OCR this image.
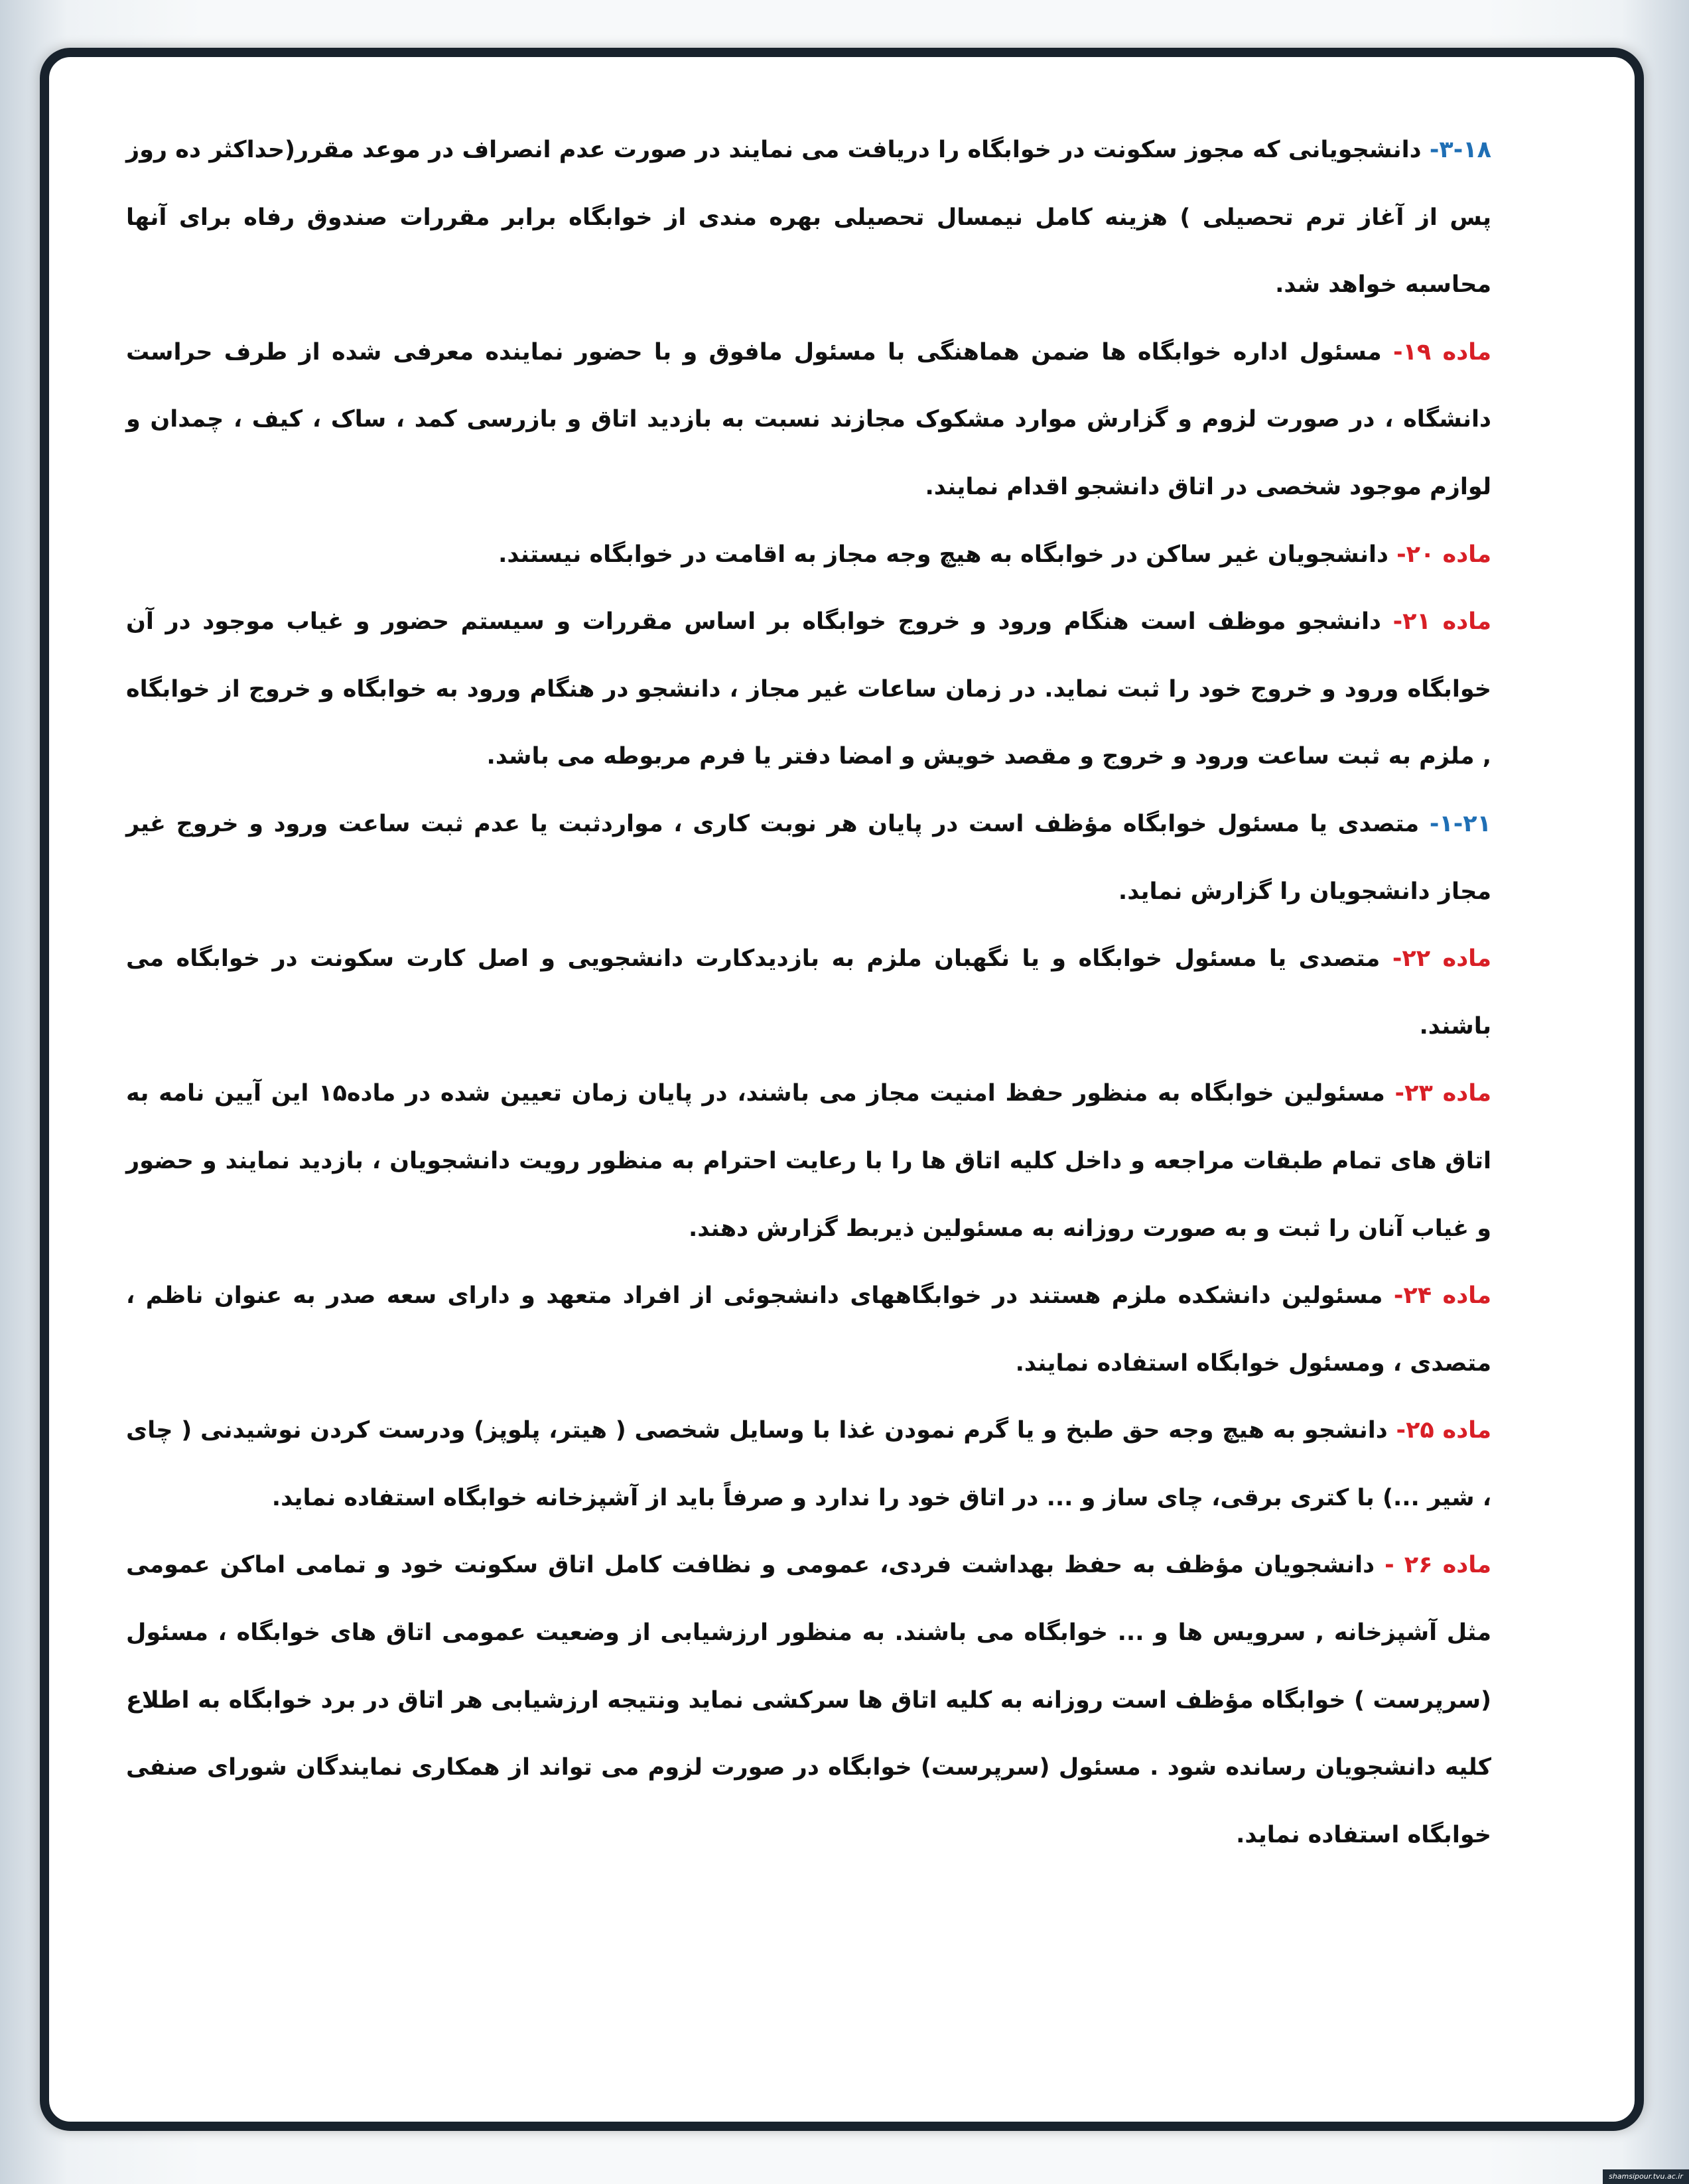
۳-۱۸- دانشجویانی که مجوز سکونت در خوابگاه را دریافت می نمایند در صورت عدم انصراف در موعد مقرر(حداکثر ده روز پس از آغاز ترم تحصیلی ) هزینه کامل نیمسال تحصیلی بهره مندی از خوابگاه برابر مقررات صندوق رفاه برای آنها محاسبه خواهد شد.

ماده ۱۹- مسئول اداره خوابگاه ها ضمن هماهنگی با مسئول مافوق و با حضور نماینده معرفی شده از طرف حراست دانشگاه ، در صورت لزوم و گزارش موارد مشکوک مجازند نسبت به بازدید اتاق و بازرسی کمد ، ساک ، کیف ، چمدان و لوازم موجود شخصی در اتاق دانشجو اقدام نمایند.

ماده ۲۰- دانشجویان غیر ساکن در خوابگاه به هیچ وجه مجاز به اقامت در خوابگاه نیستند.

ماده ۲۱- دانشجو موظف است هنگام ورود و خروج خوابگاه بر اساس مقررات و سیستم حضور و غیاب موجود در آن خوابگاه ورود و خروج خود را ثبت نماید. در زمان ساعات غیر مجاز ، دانشجو در هنگام ورود به خوابگاه و خروج از خوابگاه , ملزم به ثبت ساعت ورود و خروج و مقصد خویش و امضا دفتر یا فرم مربوطه می باشد.

۱-۲۱- متصدی یا مسئول خوابگاه مؤظف است در پایان هر نوبت کاری ، مواردثبت یا عدم ثبت ساعت ورود و خروج غیر مجاز دانشجویان را گزارش نماید.

ماده ۲۲- متصدی یا مسئول خوابگاه و یا نگهبان ملزم به بازدیدکارت دانشجویی و اصل کارت سکونت در خوابگاه می باشند.

ماده ۲۳- مسئولین خوابگاه به منظور حفظ امنیت مجاز می باشند، در پایان زمان تعیین شده در ماده۱۵ این آیین نامه به اتاق های تمام طبقات مراجعه و داخل کلیه اتاق ها را با رعایت احترام به منظور رویت دانشجویان ، بازدید نمایند و حضور و غیاب آنان را ثبت و به صورت روزانه به مسئولین ذیربط گزارش دهند.

ماده ۲۴- مسئولین دانشکده ملزم هستند در خوابگاههای دانشجوئی از افراد متعهد و دارای سعه صدر به عنوان ناظم ، متصدی ، ومسئول خوابگاه استفاده نمایند.

ماده ۲۵- دانشجو به هیچ وجه حق طبخ و یا گرم نمودن غذا با وسایل شخصی ( هیتر، پلوپز) ودرست کردن نوشیدنی ( چای ، شیر ...) با کتری برقی، چای ساز و ... در اتاق خود را ندارد و صرفاً باید از آشپزخانه خوابگاه استفاده نماید.

ماده ۲۶ - دانشجویان مؤظف به حفظ بهداشت فردی، عمومی و نظافت کامل اتاق سکونت خود و تمامی اماکن عمومی مثل آشپزخانه , سرویس ها و ... خوابگاه می باشند. به منظور ارزشیابی از وضعیت عمومی اتاق های خوابگاه ، مسئول (سرپرست ) خوابگاه مؤظف است روزانه به کلیه اتاق ها سرکشی نماید ونتیجه ارزشیابی هر اتاق در برد خوابگاه به اطلاع کلیه دانشجویان رسانده شود . مسئول (سرپرست) خوابگاه در صورت لزوم می تواند از همکاری نمایندگان شورای صنفی خوابگاه استفاده نماید.

shamsipour.tvu.ac.ir
